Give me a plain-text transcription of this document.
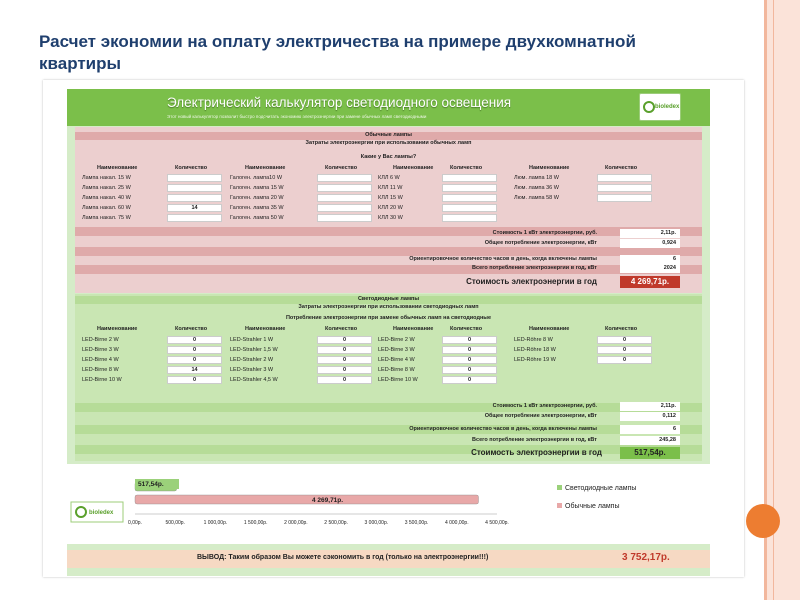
Расчет экономии на оплату электричества на примере двухкомнатной квартиры
Электрический калькулятор светодиодного освещения
Этот новый калькулятор позволит быстро подсчитать экономию электроэнергии при замене обычных ламп светодиодными
bioledex
Обычные лампы
Затраты электроэнергии при использовании обычных ламп
Какие у Вас лампы?
Наименование	Количество
Лампа накал. 15 W
Лампа накал. 25 W
Лампа накал. 40 W
Лампа накал. 60 W	14
Лампа накал. 75 W
Наименование	Количество
Галоген. лампа10 W
Галоген. лампа 15 W
Галоген. лампа 20 W
Галоген. лампа 35 W
Галоген. лампа 50 W
Наименование	Количество
КЛЛ 6 W
КЛЛ 11 W
КЛЛ 15 W
КЛЛ 20 W
КЛЛ 30 W
Наименование	Количество
Люм. лампа 18 W
Люм. лампа 36 W
Люм. лампа 58 W
Стоимость 1 кВт электроэнергии, руб.	2,11р.
Общее потребление электроэнергии, кВт	0,924
Ориентировочное количество часов в день, когда включены лампы	6
Всего потребление электроэнергии в год, кВт	2024
Стоимость электроэнергии в год	4 269,71р.
Светодиодные лампы
Затраты электроэнергии при использовании светодиодных ламп
Потребление электроэнергии при замене обычных ламп на светодиодные
Наименование	Количество
LED-Birne 2 W	0
LED-Birne 3 W	0
LED-Birne 4 W	0
LED-Birne 8 W	14
LED-Birne 10 W	0
Наименование	Количество
LED-Strahler 1 W	0
LED-Strahler 1,5 W	0
LED-Strahler 2 W	0
LED-Strahler 3 W	0
LED-Strahler 4,5 W	0
Наименование	Количество
LED-Birne 2 W	0
LED-Birne 3 W	0
LED-Birne 4 W	0
LED-Birne 8 W	0
LED-Birne 10 W	0
Наименование	Количество
LED-Röhre 8 W	0
LED-Röhre 18 W	0
LED-Röhre 19 W	0
Стоимость 1 кВт электроэнергии, руб.	2,11р.
Общее потребление электроэнергии, кВт	0,112
Ориентировочное количество часов в день, когда включены лампы	6
Всего потребление электроэнергии в год, кВт	245,28
Стоимость электроэнергии в год	517,54р.
bioledex
0,00р.	500,00р.	1 000,00р.	1 500,00р.	2 000,00р.	2 500,00р.	3 000,00р.	3 500,00р.	4 000,00р.	4 500,00р.
517,54р.
4 269,71р.
Светодиодные лампы
Обычные лампы
ВЫВОД: Таким образом Вы можете сэкономить в год (только на электроэнергии!!!)	3 752,17р.
